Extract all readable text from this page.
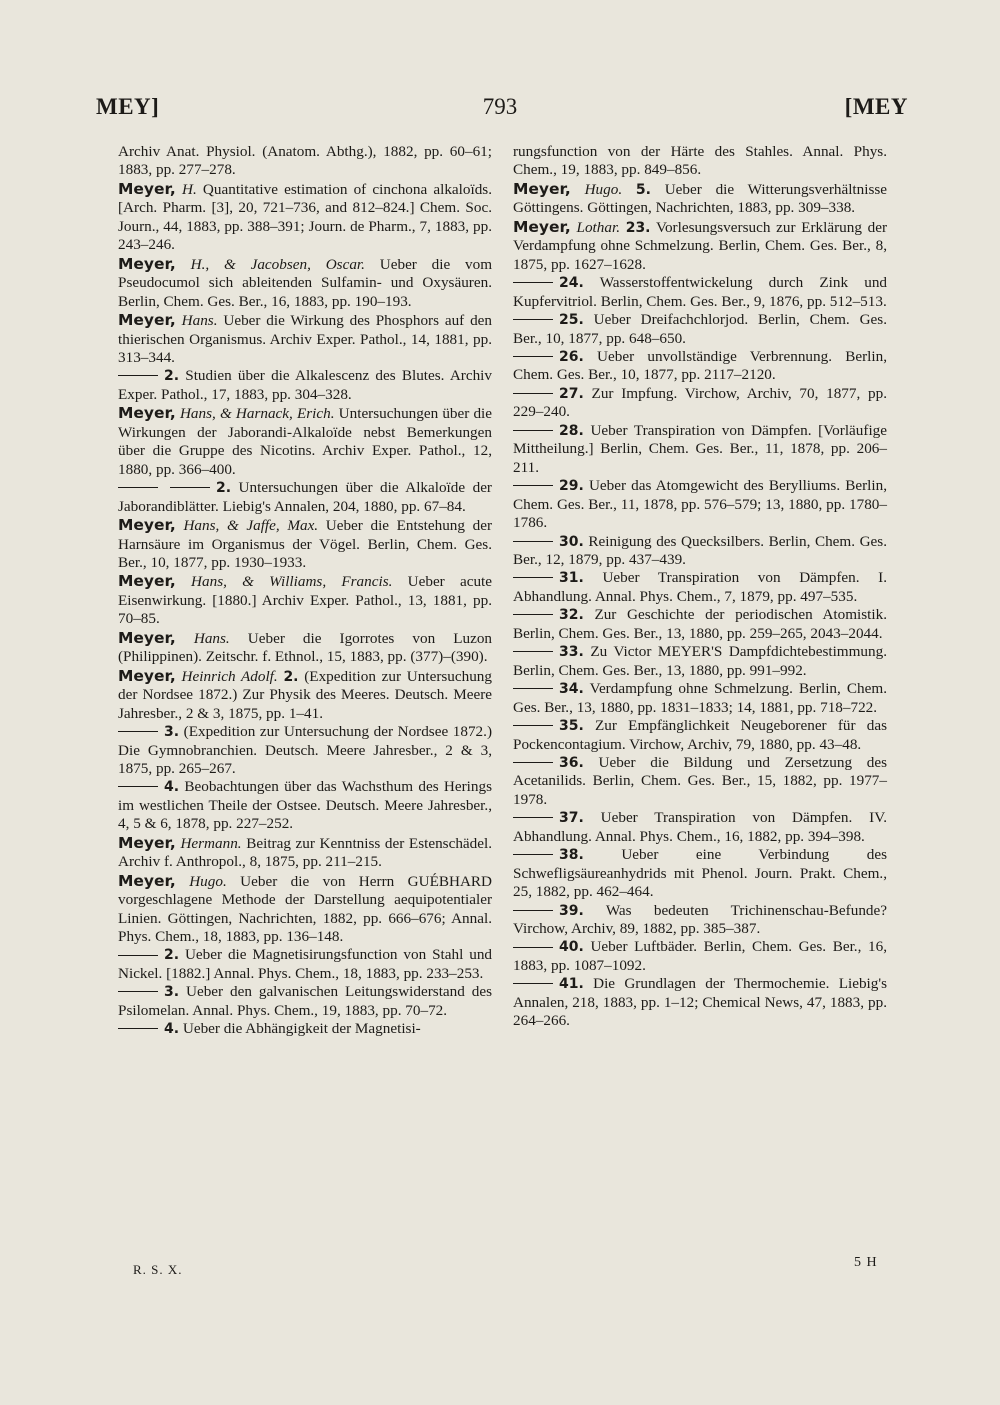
MEY]	793	[MEY

Archiv Anat. Physiol. (Anatom. Abthg.), 1882, pp. 60–61; 1883, pp. 277–278.

Meyer, H. Quantitative estimation of cinchona alkaloïds. [Arch. Pharm. [3], 20, 721–736, and 812–824.] Chem. Soc. Journ., 44, 1883, pp. 388–391; Journ. de Pharm., 7, 1883, pp. 243–246.

Meyer, H., & Jacobsen, Oscar. Ueber die vom Pseudocumol sich ableitenden Sulfamin- und Oxysäuren. Berlin, Chem. Ges. Ber., 16, 1883, pp. 190–193.

Meyer, Hans. Ueber die Wirkung des Phosphors auf den thierischen Organismus. Archiv Exper. Pathol., 14, 1881, pp. 313–344.

2. Studien über die Alkalescenz des Blutes. Archiv Exper. Pathol., 17, 1883, pp. 304–328.

Meyer, Hans, & Harnack, Erich. Untersuchungen über die Wirkungen der Jaborandi-Alkaloïde nebst Bemerkungen über die Gruppe des Nicotins. Archiv Exper. Pathol., 12, 1880, pp. 366–400.

2. Untersuchungen über die Alkaloïde der Jaborandiblätter. Liebig's Annalen, 204, 1880, pp. 67–84.

Meyer, Hans, & Jaffe, Max. Ueber die Entstehung der Harnsäure im Organismus der Vögel. Berlin, Chem. Ges. Ber., 10, 1877, pp. 1930–1933.

Meyer, Hans, & Williams, Francis. Ueber acute Eisenwirkung. [1880.] Archiv Exper. Pathol., 13, 1881, pp. 70–85.

Meyer, Hans. Ueber die Igorrotes von Luzon (Philippinen). Zeitschr. f. Ethnol., 15, 1883, pp. (377)–(390).

Meyer, Heinrich Adolf. 2. (Expedition zur Untersuchung der Nordsee 1872.) Zur Physik des Meeres. Deutsch. Meere Jahresber., 2 & 3, 1875, pp. 1–41.

3. (Expedition zur Untersuchung der Nordsee 1872.) Die Gymnobranchien. Deutsch. Meere Jahresber., 2 & 3, 1875, pp. 265–267.

4. Beobachtungen über das Wachsthum des Herings im westlichen Theile der Ostsee. Deutsch. Meere Jahresber., 4, 5 & 6, 1878, pp. 227–252.

Meyer, Hermann. Beitrag zur Kenntniss der Estenschädel. Archiv f. Anthropol., 8, 1875, pp. 211–215.

Meyer, Hugo. Ueber die von Herrn GUÉBHARD vorgeschlagene Methode der Darstellung aequipotentialer Linien. Göttingen, Nachrichten, 1882, pp. 666–676; Annal. Phys. Chem., 18, 1883, pp. 136–148.

2. Ueber die Magnetisirungsfunction von Stahl und Nickel. [1882.] Annal. Phys. Chem., 18, 1883, pp. 233–253.

3. Ueber den galvanischen Leitungswiderstand des Psilomelan. Annal. Phys. Chem., 19, 1883, pp. 70–72.

4. Ueber die Abhängigkeit der Magnetisi-

rungsfunction von der Härte des Stahles. Annal. Phys. Chem., 19, 1883, pp. 849–856.

Meyer, Hugo. 5. Ueber die Witterungsverhältnisse Göttingens. Göttingen, Nachrichten, 1883, pp. 309–338.

Meyer, Lothar. 23. Vorlesungsversuch zur Erklärung der Verdampfung ohne Schmelzung. Berlin, Chem. Ges. Ber., 8, 1875, pp. 1627–1628.

24. Wasserstoffentwickelung durch Zink und Kupfervitriol. Berlin, Chem. Ges. Ber., 9, 1876, pp. 512–513.

25. Ueber Dreifachchlorjod. Berlin, Chem. Ges. Ber., 10, 1877, pp. 648–650.

26. Ueber unvollständige Verbrennung. Berlin, Chem. Ges. Ber., 10, 1877, pp. 2117–2120.

27. Zur Impfung. Virchow, Archiv, 70, 1877, pp. 229–240.

28. Ueber Transpiration von Dämpfen. [Vorläufige Mittheilung.] Berlin, Chem. Ges. Ber., 11, 1878, pp. 206–211.

29. Ueber das Atomgewicht des Berylliums. Berlin, Chem. Ges. Ber., 11, 1878, pp. 576–579; 13, 1880, pp. 1780–1786.

30. Reinigung des Quecksilbers. Berlin, Chem. Ges. Ber., 12, 1879, pp. 437–439.

31. Ueber Transpiration von Dämpfen. I. Abhandlung. Annal. Phys. Chem., 7, 1879, pp. 497–535.

32. Zur Geschichte der periodischen Atomistik. Berlin, Chem. Ges. Ber., 13, 1880, pp. 259–265, 2043–2044.

33. Zu Victor MEYER'S Dampfdichtebestimmung. Berlin, Chem. Ges. Ber., 13, 1880, pp. 991–992.

34. Verdampfung ohne Schmelzung. Berlin, Chem. Ges. Ber., 13, 1880, pp. 1831–1833; 14, 1881, pp. 718–722.

35. Zur Empfänglichkeit Neugeborener für das Pockencontagium. Virchow, Archiv, 79, 1880, pp. 43–48.

36. Ueber die Bildung und Zersetzung des Acetanilids. Berlin, Chem. Ges. Ber., 15, 1882, pp. 1977–1978.

37. Ueber Transpiration von Dämpfen. IV. Abhandlung. Annal. Phys. Chem., 16, 1882, pp. 394–398.

38. Ueber eine Verbindung des Schwefligsäureanhydrids mit Phenol. Journ. Prakt. Chem., 25, 1882, pp. 462–464.

39. Was bedeuten Trichinenschau-Befunde? Virchow, Archiv, 89, 1882, pp. 385–387.

40. Ueber Luftbäder. Berlin, Chem. Ges. Ber., 16, 1883, pp. 1087–1092.

41. Die Grundlagen der Thermochemie. Liebig's Annalen, 218, 1883, pp. 1–12; Chemical News, 47, 1883, pp. 264–266.

R. S. X.	5 H
